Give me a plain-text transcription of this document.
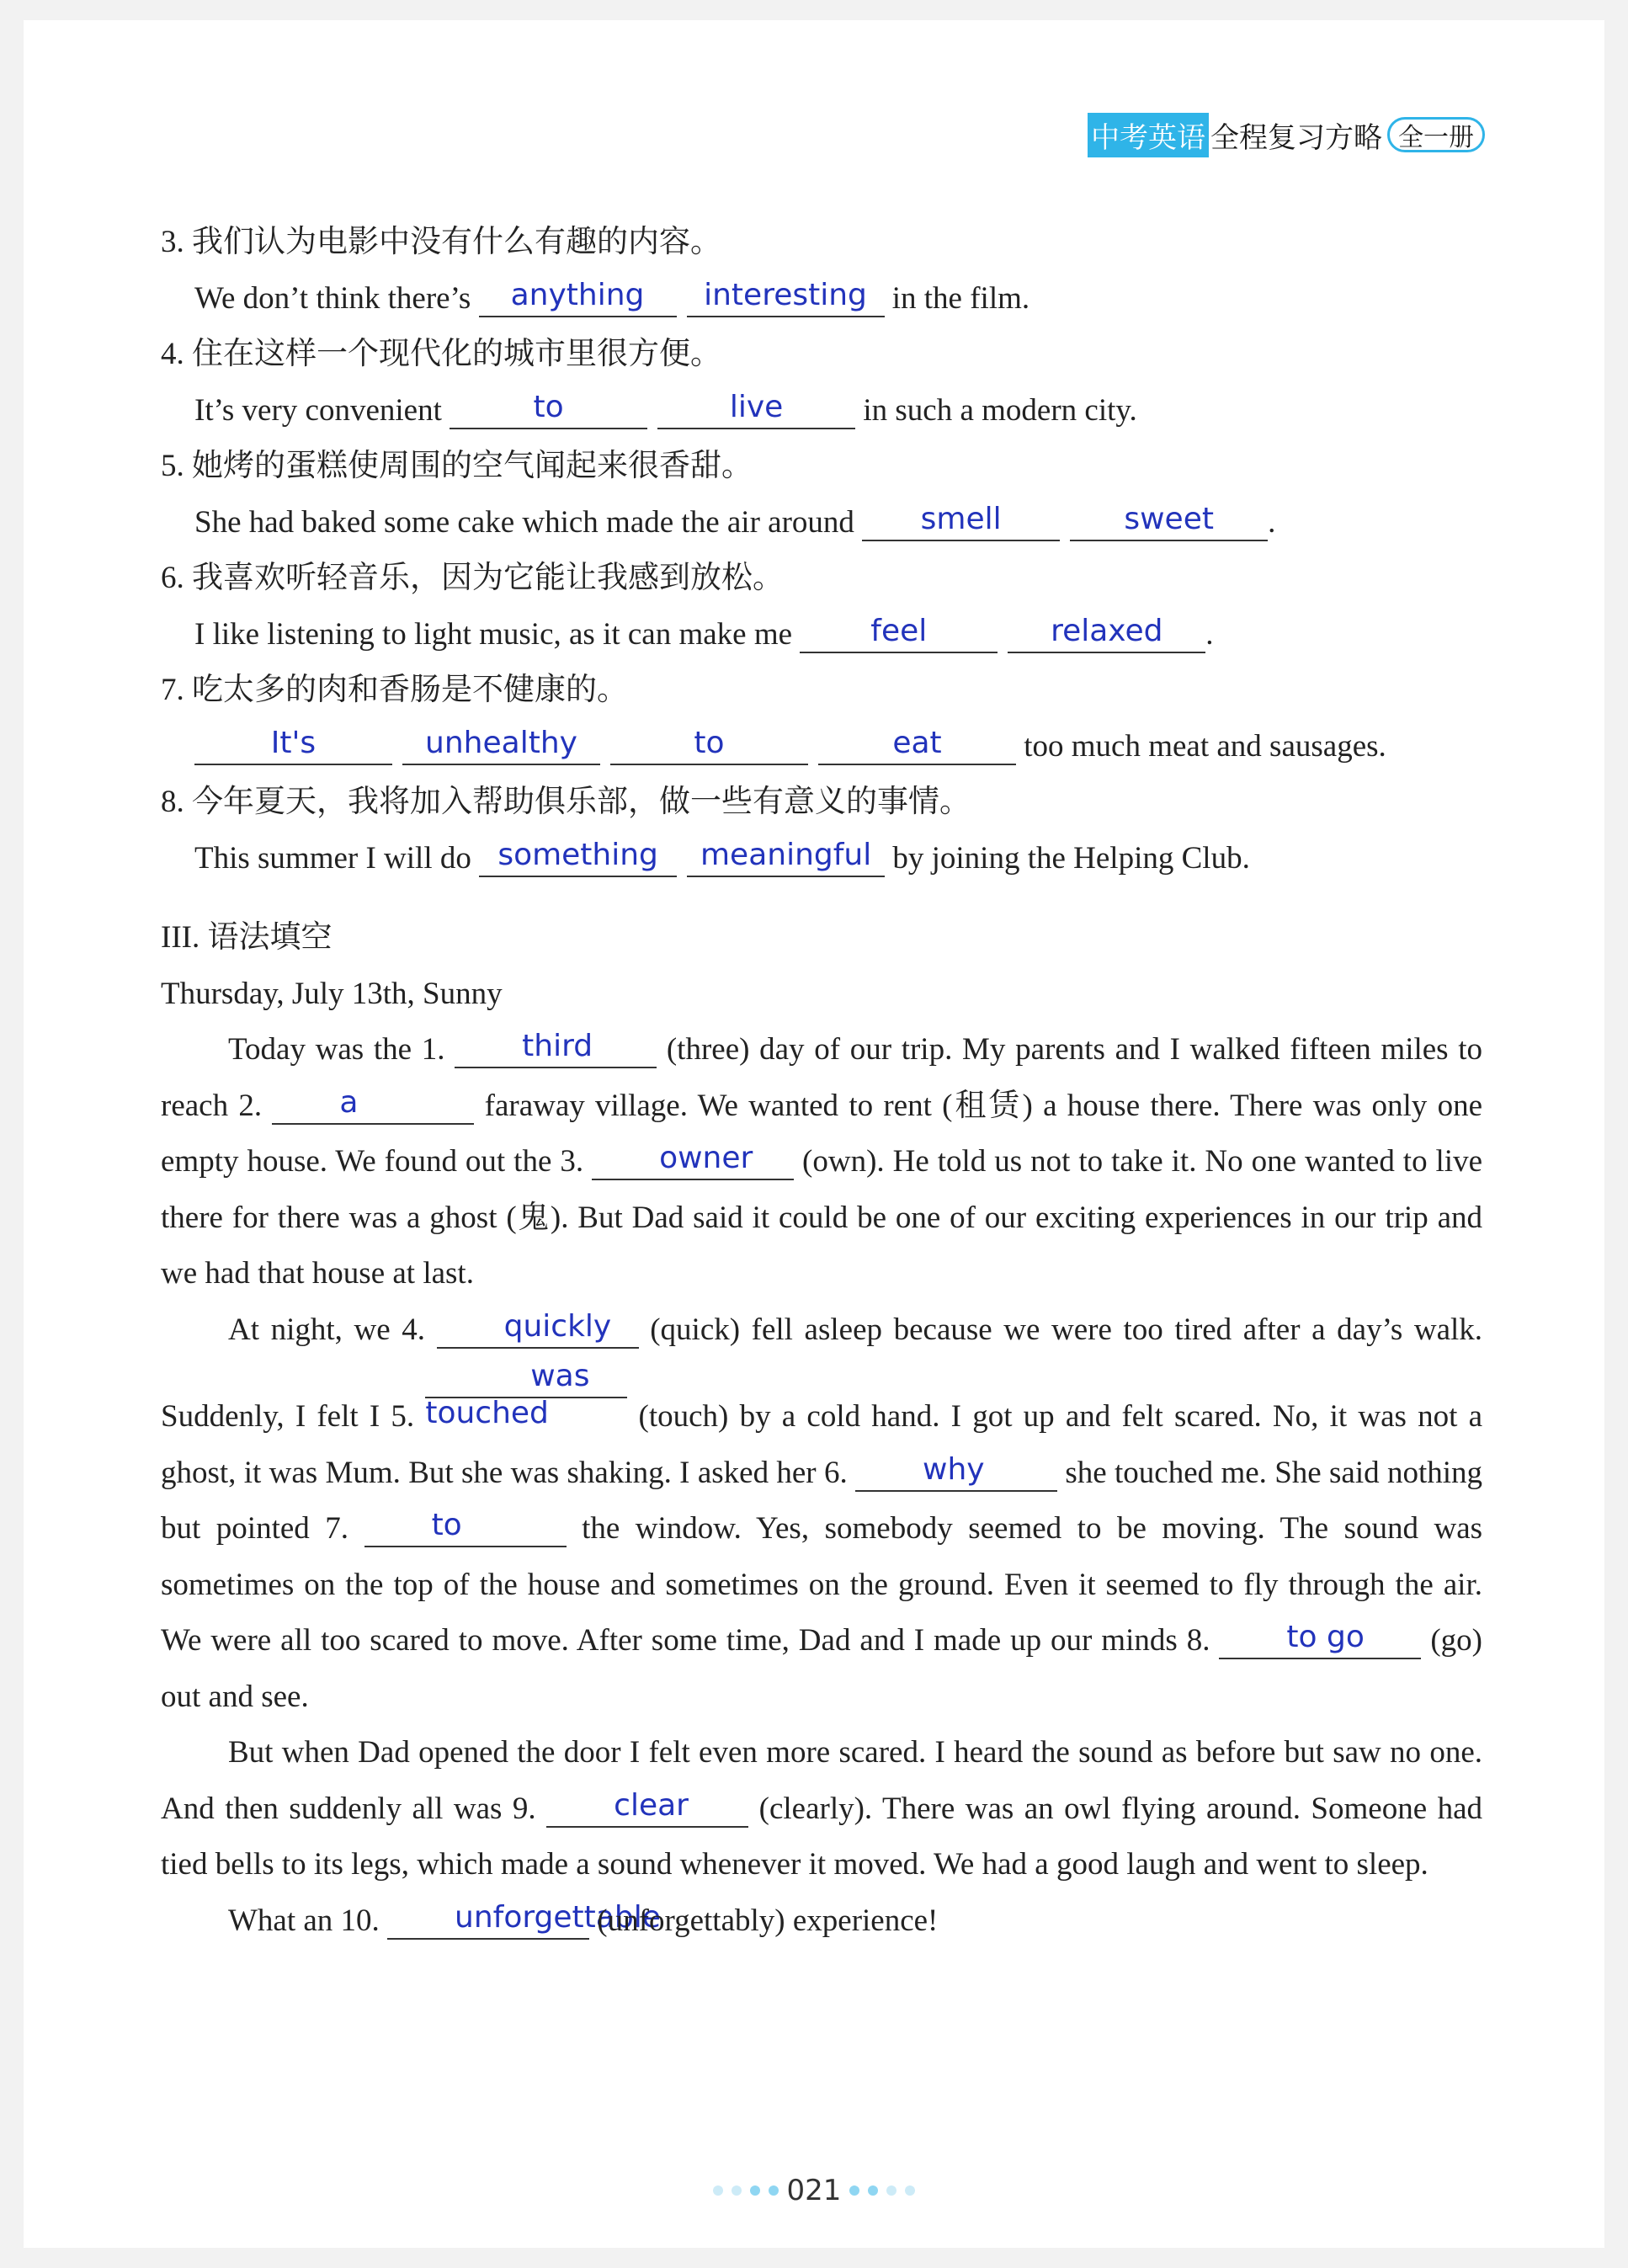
中考英语 全程复习方略 全一册
3. 我们认为电影中没有什么有趣的内容。
We don’t think there’s anything interesting in the film.
4. 住在这样一个现代化的城市里很方便。
It’s very convenient	to	live	in such a modern city.
5. 她烤的蛋糕使周围的空气闻起来很香甜。
She had baked some cake which made the air around smell	sweet .
6. 我喜欢听轻音乐，因为它能让我感到放松。
I like listening to light music, as it can make me	feel	relaxed .
7. 吃太多的肉和香肠是不健康的。
It's	unhealthy	to	eat	too much meat and sausages.
8. 今年夏天，我将加入帮助俱乐部，做一些有意义的事情。
This summer I will do something meaningful by joining the Helping Club.
III. 语法填空
Thursday, July 13th, Sunny

Today was the 1.	third (three) day of our trip. My parents and I walked fifteen miles to reach 2.	a	faraway village. We wanted to rent (租赁) a house there. There was only one empty house. We found out the 3. owner (own). He told us not to take it. No one wanted to live there for there was a ghost (鬼). But Dad said it could be one of our exciting experiences in our trip and we had that house at last.

At night, we 4.	quickly (quick) fell asleep because we were too tired after a day’s walk. Suddenly, I felt I 5. was touched	(touch) by a cold hand. I got up and felt scared. No, it was not a ghost, it was Mum. But she was shaking. I asked her 6. why	she touched me. She said nothing but pointed 7.	to	the window. Yes, somebody seemed to be moving. The sound was sometimes on the top of the house and sometimes on the ground. Even it seemed to fly through the air. We were all too scared to move. After some time, Dad and I made up our minds 8.	to go (go) out and see.

But when Dad opened the door I felt even more scared. I heard the sound as before but saw no one. And then suddenly all was 9.	clear (clearly). There was an owl flying around. Someone had tied bells to its legs, which made a sound whenever it moved. We had a good laugh and went to sleep.

What an 10. unforgettable (unforgettably) experience!

021
